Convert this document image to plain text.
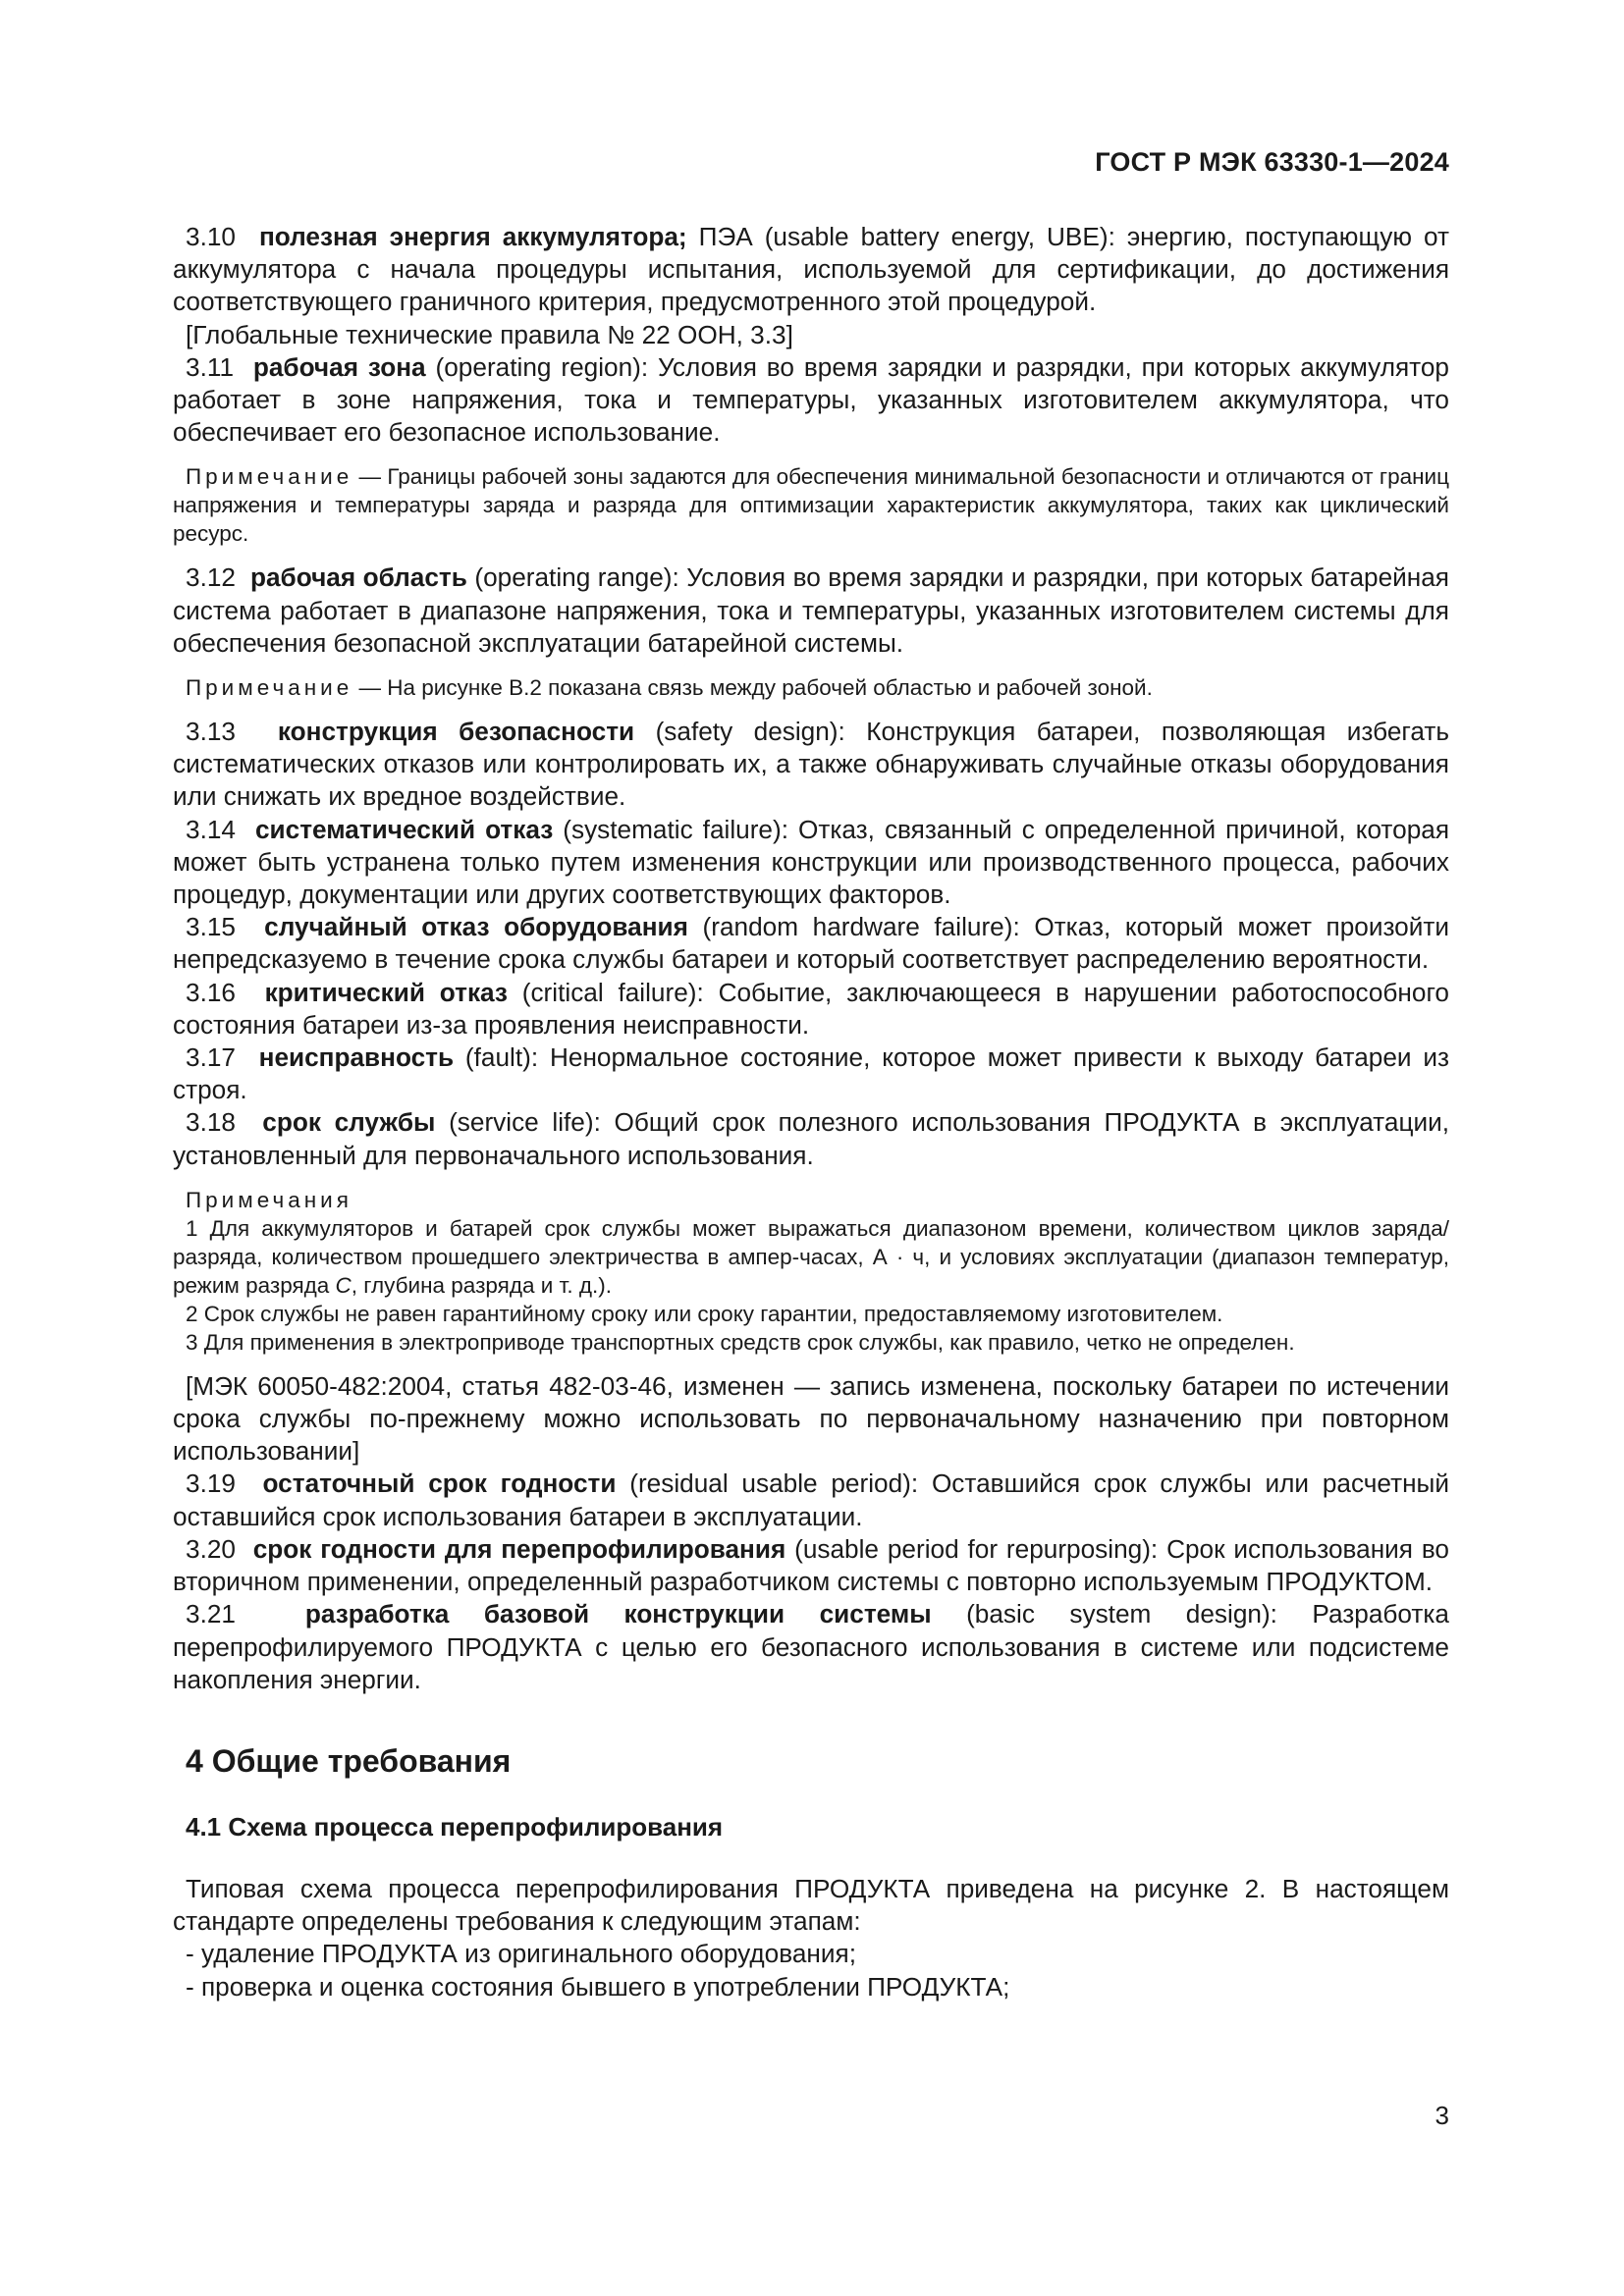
ГОСТ Р МЭК 63330-1—2024

3.10 полезная энергия аккумулятора; ПЭА (usable battery energy, UBE): энергию, поступающую от аккумулятора с начала процедуры испытания, используемой для сертификации, до достижения соответствующего граничного критерия, предусмотренного этой процедурой.

[Глобальные технические правила № 22 ООН, 3.3]

3.11 рабочая зона (operating region): Условия во время зарядки и разрядки, при которых аккумулятор работает в зоне напряжения, тока и температуры, указанных изготовителем аккумулятора, что обеспечивает его безопасное использование.

Примечание — Границы рабочей зоны задаются для обеспечения минимальной безопасности и отличаются от границ напряжения и температуры заряда и разряда для оптимизации характеристик аккумулятора, таких как циклический ресурс.

3.12 рабочая область (operating range): Условия во время зарядки и разрядки, при которых батарейная система работает в диапазоне напряжения, тока и температуры, указанных изготовителем системы для обеспечения безопасной эксплуатации батарейной системы.

Примечание — На рисунке В.2 показана связь между рабочей областью и рабочей зоной.

3.13 конструкция безопасности (safety design): Конструкция батареи, позволяющая избегать систематических отказов или контролировать их, а также обнаруживать случайные отказы оборудования или снижать их вредное воздействие.

3.14 систематический отказ (systematic failure): Отказ, связанный с определенной причиной, которая может быть устранена только путем изменения конструкции или производственного процесса, рабочих процедур, документации или других соответствующих факторов.

3.15 случайный отказ оборудования (random hardware failure): Отказ, который может произойти непредсказуемо в течение срока службы батареи и который соответствует распределению вероятности.

3.16 критический отказ (critical failure): Событие, заключающееся в нарушении работоспособного состояния батареи из-за проявления неисправности.

3.17 неисправность (fault): Ненормальное состояние, которое может привести к выходу батареи из строя.

3.18 срок службы (service life): Общий срок полезного использования ПРОДУКТА в эксплуатации, установленный для первоначального использования.

Примечания

1 Для аккумуляторов и батарей срок службы может выражаться диапазоном времени, количеством циклов заряда/разряда, количеством прошедшего электричества в ампер-часах, А · ч, и условиях эксплуатации (диапазон температур, режим разряда C, глубина разряда и т. д.).

2 Срок службы не равен гарантийному сроку или сроку гарантии, предоставляемому изготовителем.

3 Для применения в электроприводе транспортных средств срок службы, как правило, четко не определен.

[МЭК 60050-482:2004, статья 482-03-46, изменен — запись изменена, поскольку батареи по истечении срока службы по-прежнему можно использовать по первоначальному назначению при повторном использовании]

3.19 остаточный срок годности (residual usable period): Оставшийся срок службы или расчетный оставшийся срок использования батареи в эксплуатации.

3.20 срок годности для перепрофилирования (usable period for repurposing): Срок использования во вторичном применении, определенный разработчиком системы с повторно используемым ПРОДУКТОМ.

3.21	разработка базовой конструкции системы (basic system design): Разработка перепрофилируемого ПРОДУКТА с целью его безопасного использования в системе или подсистеме накопления энергии.

4 Общие требования
4.1 Схема процесса перепрофилирования

Типовая схема процесса перепрофилирования ПРОДУКТА приведена на рисунке 2. В настоящем стандарте определены требования к следующим этапам:

- удаление ПРОДУКТА из оригинального оборудования;

- проверка и оценка состояния бывшего в употреблении ПРОДУКТА;

3
